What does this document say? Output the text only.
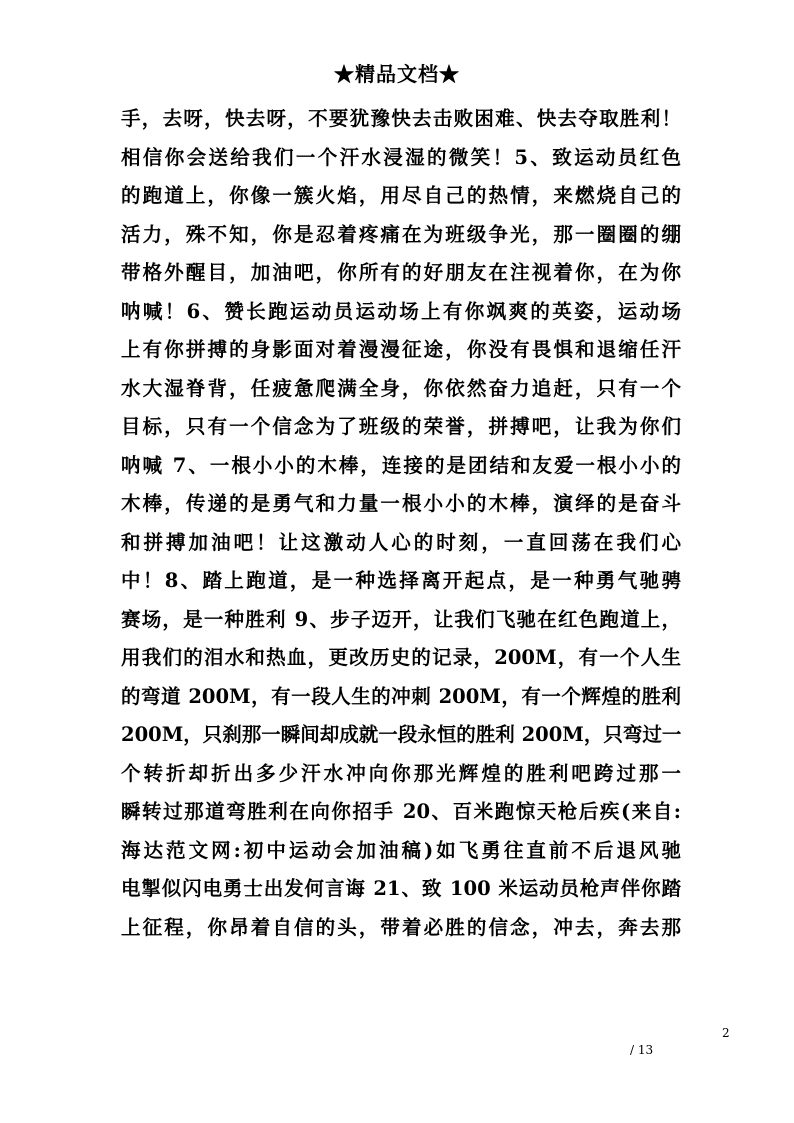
★精品文档★
手，去呀，快去呀，不要犹豫快去击败困难、快去夺取胜利！
相信你会送给我们一个汗水浸湿的微笑！5、致运动员红色
的跑道上，你像一簇火焰，用尽自己的热情，来燃烧自己的
活力，殊不知，你是忍着疼痛在为班级争光，那一圈圈的绷
带格外醒目，加油吧，你所有的好朋友在注视着你，在为你
呐喊！6、赞长跑运动员运动场上有你飒爽的英姿，运动场
上有你拼搏的身影面对着漫漫征途，你没有畏惧和退缩任汗
水大湿脊背，任疲惫爬满全身，你依然奋力追赶，只有一个
目标，只有一个信念为了班级的荣誉，拼搏吧，让我为你们
呐喊 7、一根小小的木棒，连接的是团结和友爱一根小小的
木棒，传递的是勇气和力量一根小小的木棒，演绎的是奋斗
和拼搏加油吧！让这激动人心的时刻，一直回荡在我们心
中！8、踏上跑道，是一种选择离开起点，是一种勇气驰骋
赛场，是一种胜利 9、步子迈开，让我们飞驰在红色跑道上，
用我们的泪水和热血，更改历史的记录，200M，有一个人生
的弯道 200M，有一段人生的冲刺 200M，有一个辉煌的胜利
200M，只刹那一瞬间却成就一段永恒的胜利 200M，只弯过一
个转折却折出多少汗水冲向你那光辉煌的胜利吧跨过那一
瞬转过那道弯胜利在向你招手 20、百米跑惊天枪后疾(来自:
海达范文网:初中运动会加油稿)如飞勇往直前不后退风驰
电掣似闪电勇士出发何言诲 21、致 100 米运动员枪声伴你踏
上征程，你昂着自信的头，带着必胜的信念，冲去，奔去那
2
/ 13
